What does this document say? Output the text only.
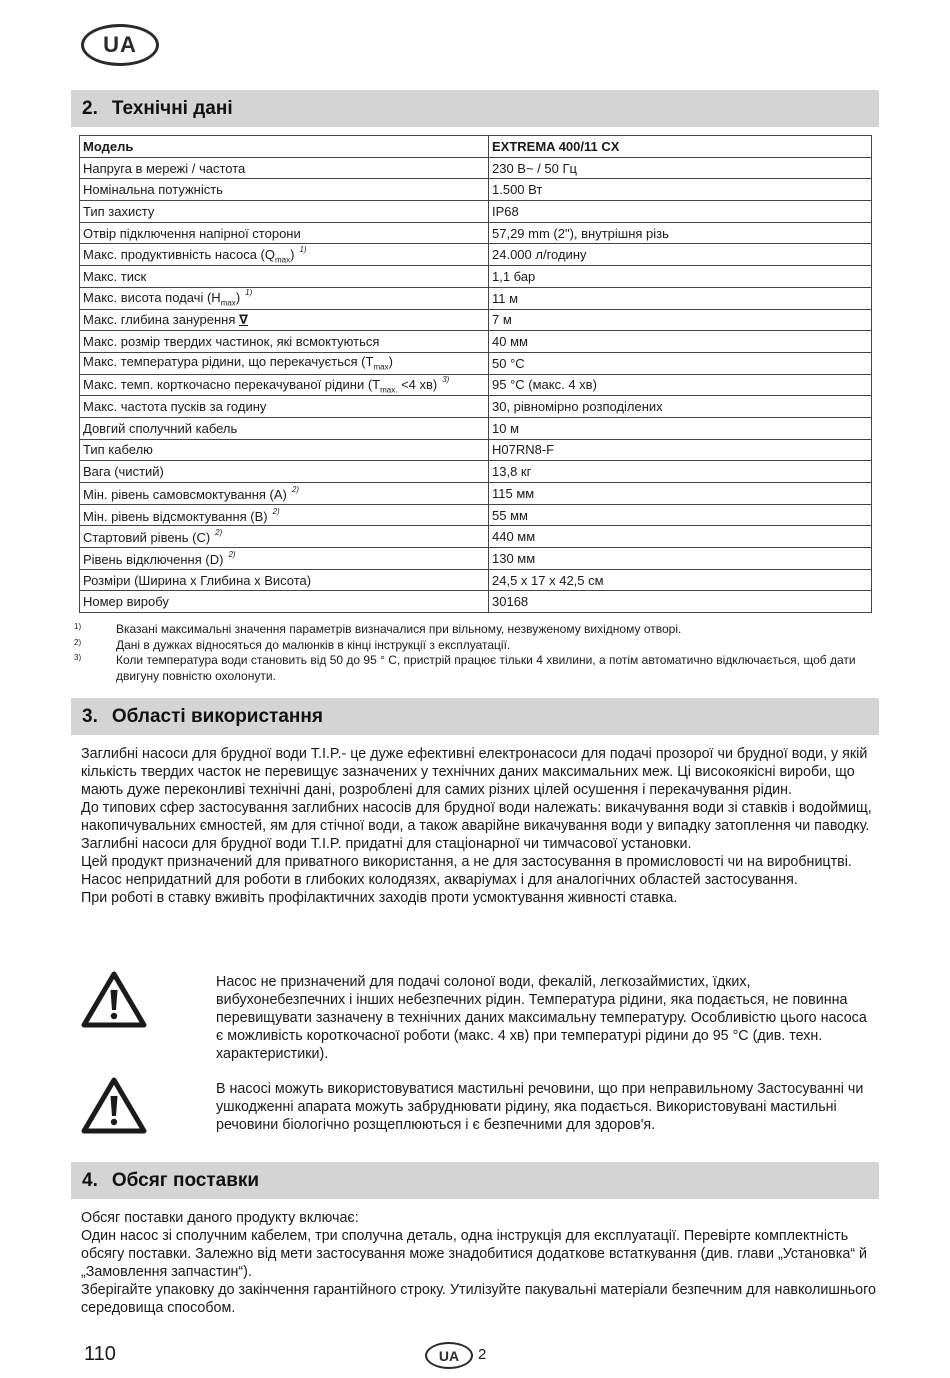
UA
2. Технічні дані
Модель	EXTREMA 400/11 CX
Напруга в мережі / частота	230 В~ / 50 Гц
Номінальна потужність	1.500 Вт
Тип захисту	IP68
Отвір підключення напірної сторони	57,29 mm (2"), внутрішня різь
Макс. продуктивність насоса $(Q_{max})$ $^{1)}$	24.000 л/годину
Макс. тиск	1,1 бар
Макс. висота подачі $(H_{max})$ $^{1)}$	11 м
Макс. глибина занурення ∇	7 м
Макс. розмір твердих частинок, які всмоктуються	40 мм
Макс. температура рідини, що перекачується $(T_{max})$	50 °C
Макс. темп. корткочасно перекачуваної рідини ($T_{max.} <4$ хв) $^{3)}$	95 °C (макс. 4 хв)
Макс. частота пусків за годину	30, рівномірно розподілених
Довгий сполучний кабель	10 м
Тип кабелю	H07RN8-F
Вага (чистий)	13,8 кг
Мін. рівень самовсмоктування (A) $^{2)}$	115 мм
Мін. рівень відсмоктування (B) $^{2)}$	55 мм
Стартовий рівень (C) $^{2)}$	440 мм
Рівень відключення (D) $^{2)}$	130 мм
Розміри (Ширина x Глибина x Висота)	24,5 x 17 x 42,5 см
Номер виробу	30168
1)	Вказані максимальні значення параметрів визначалися при вільному, незвуженому вихідному отворі.
2)	Дані в дужках відносяться до малюнків в кінці інструкції з експлуатації.
3)	Коли температура води становить від 50 до 95 ° C, пристрій працює тільки 4 хвилини, а потім автоматично відключається, щоб дати двигуну повністю охолонути.
3. Області використання

Заглибні насоси для брудної води T.I.P.- це дуже ефективні електронасоси для подачі прозорої чи брудної води, у якій кількість твердих часток не перевищує зазначених у технічних даних максимальних меж. Ці високоякісні вироби, що мають дуже переконливі технічні дані, розроблені для самих різних цілей осушення і перекачування рідин.

До типових сфер застосування заглибних насосів для брудної води належать: викачування води зі ставків і водоймищ, накопичувальних ємностей, ям для стічної води, а також аварійне викачування води у випадку затоплення чи паводку.

Заглибні насоси для брудної води T.I.P. придатні для стаціонарної чи тимчасової установки.

Цей продукт призначений для приватного використання, а не для застосування в промисловості чи на виробництві.

Насос непридатний для роботи в глибоких колодязях, акваріумах і для аналогічних областей застосування.

При роботі в ставку вживіть профілактичних заходів проти усмоктування живності ставка.

Насос не призначений для подачі солоної води, фекалій, легкозаймистих, їдких, вибухонебезпечних і інших небезпечних рідин. Температура рідини, яка подається, не повинна перевищувати зазначену в технічних даних максимальну температуру. Особливістю цього насоса є можливість короткочасної роботи (макс. 4 хв) при температурі рідини до 95 °C (див. техн. характеристики).
В насосі можуть використовуватися мастильні речовини, що при неправильному Застосуванні чи ушкодженні апарата можуть забруднювати рідину, яка подається. Використовувані мастильні речовини біологічно розщеплюються і є безпечними для здоров'я.
4. Обсяг поставки

Обсяг поставки даного продукту включає:

Один насос зі сполучним кабелем, три сполучна деталь, одна інструкція для експлуатації. Перевірте комплектність обсягу поставки. Залежно від мети застосування може знадобитися додаткове встаткування (див. глави „Установка“ й „Замовлення запчастин“).

Зберігайте упаковку до закінчення гарантійного строку. Утилізуйте пакувальні матеріали безпечним для навколишнього середовища способом.

110	UA	2
